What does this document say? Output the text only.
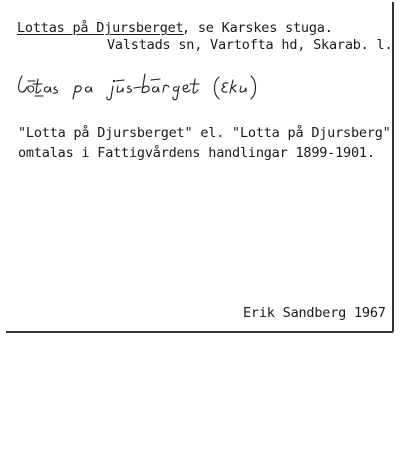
Lottas på Djursberget
, se Karskes stuga.
Valstads sn, Vartofta hd, Skarab. l.
"Lotta på Djursberget" el. "Lotta på Djursberg"
omtalas i Fattigvårdens handlingar 1899-1901.
Erik Sandberg 1967
